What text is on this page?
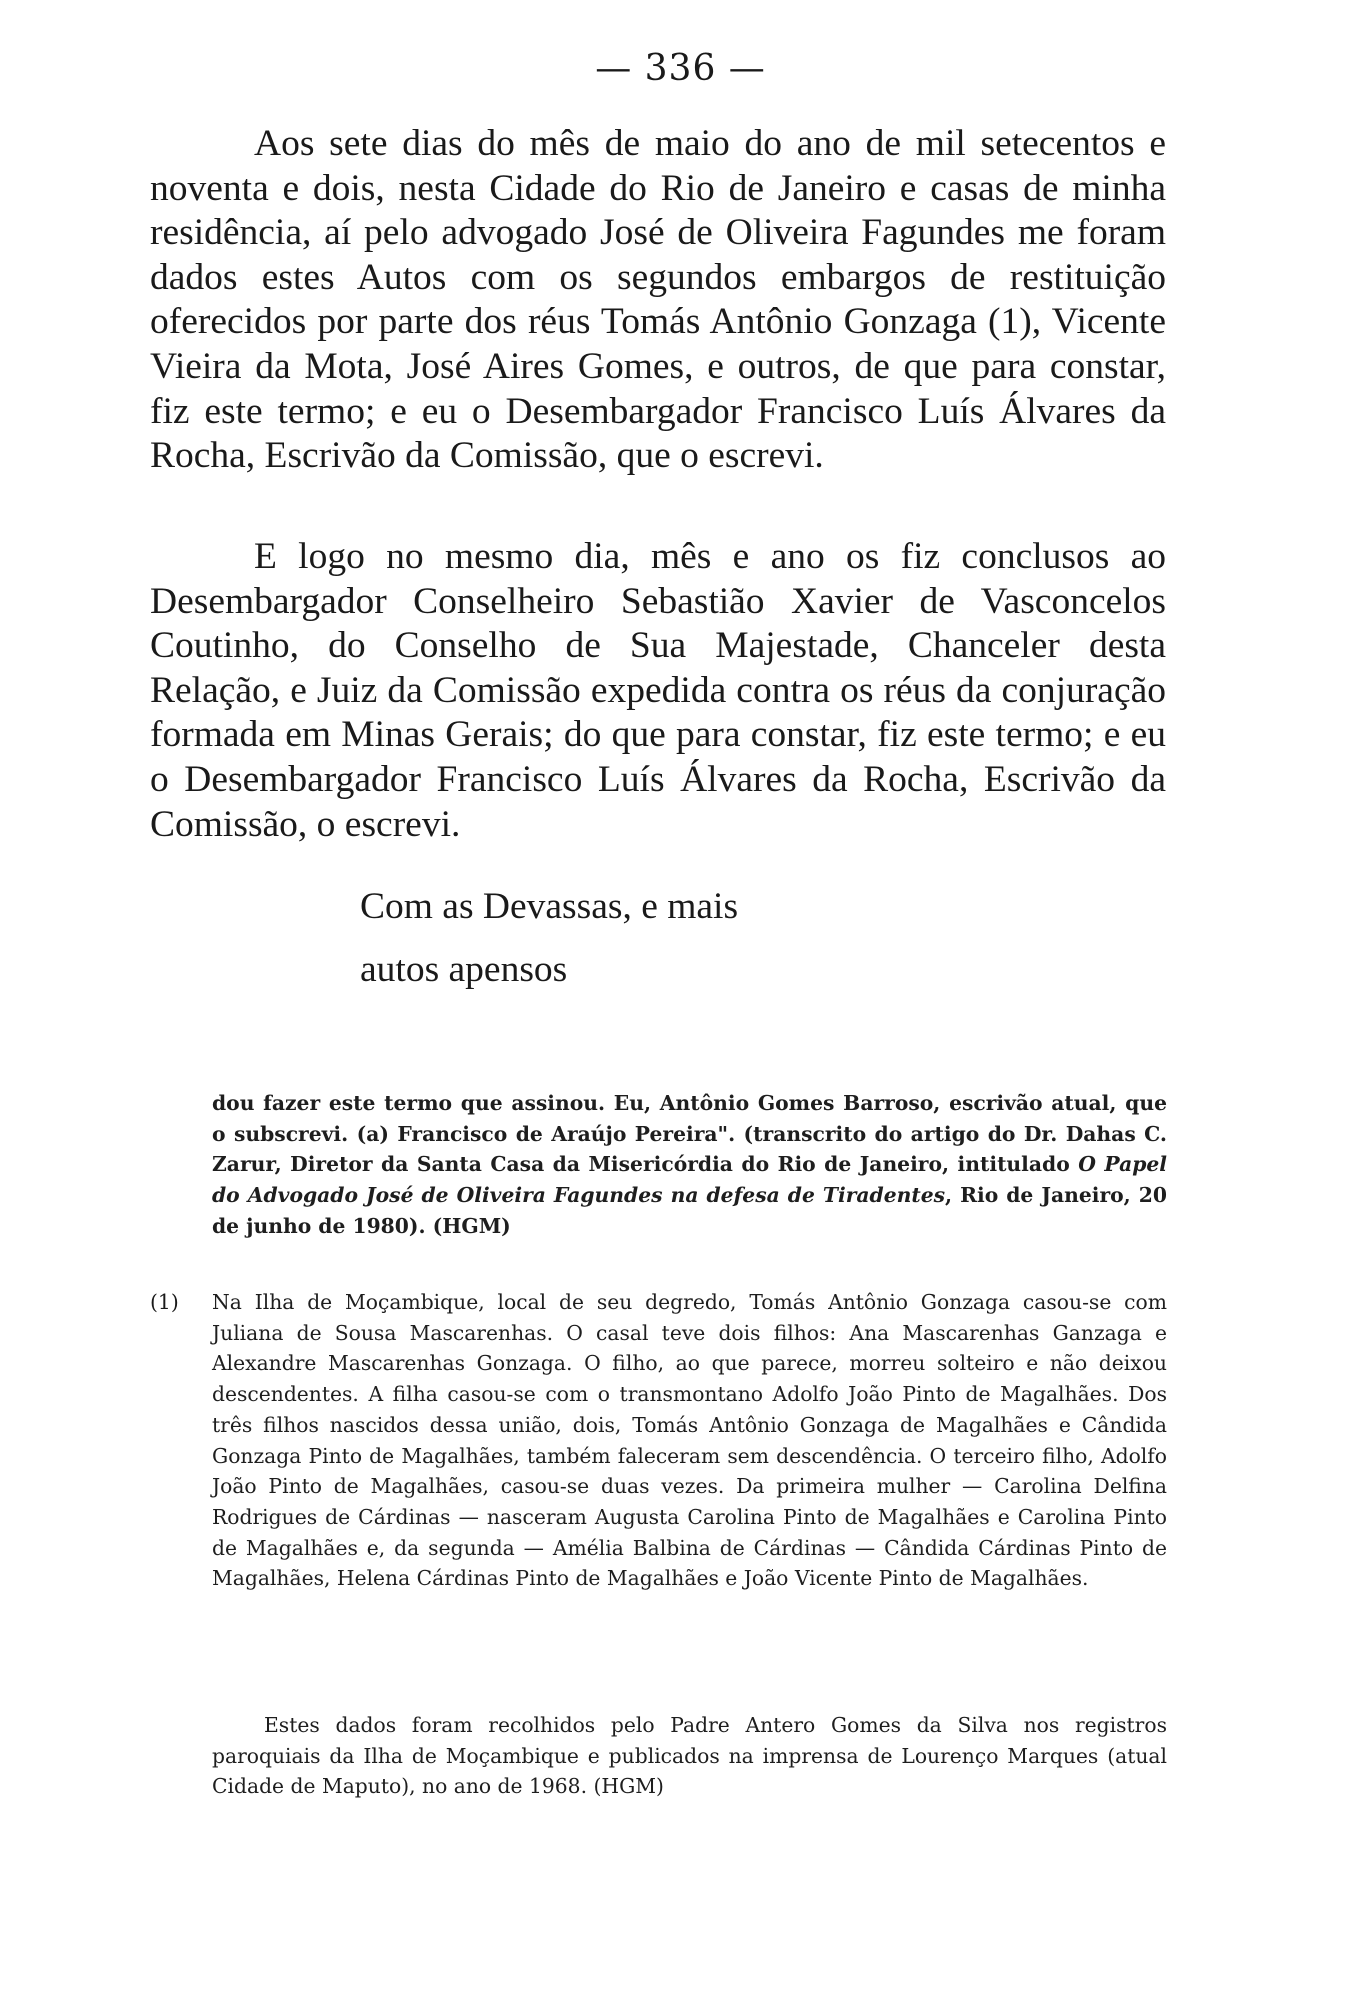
— 336 —

Aos sete dias do mês de maio do ano de mil setecentos e noventa e dois, nesta Cidade do Rio de Janeiro e casas de minha residência, aí pelo advogado José de Oliveira Fagundes me foram dados estes Autos com os segundos embargos de restituição oferecidos por parte dos réus Tomás Antônio Gonzaga (1), Vicente Vieira da Mota, José Aires Gomes, e outros, de que para constar, fiz este termo; e eu o Desembargador Francisco Luís Álvares da Rocha, Escrivão da Comissão, que o escrevi.

E logo no mesmo dia, mês e ano os fiz conclusos ao Desembargador Conselheiro Sebastião Xavier de Vasconcelos Coutinho, do Conselho de Sua Majestade, Chanceler desta Relação, e Juiz da Comissão expedida contra os réus da conjuração formada em Minas Gerais; do que para constar, fiz este termo; e eu o Desembargador Francisco Luís Álvares da Rocha, Escrivão da Comissão, o escrevi.

Com as Devassas, e mais
autos apensos
dou fazer este termo que assinou. Eu, Antônio Gomes Barroso, escrivão atual, que o subscrevi. (a) Francisco de Araújo Pereira". (transcrito do artigo do Dr. Dahas C. Zarur, Diretor da Santa Casa da Misericórdia do Rio de Janeiro, intitulado O Papel do Advogado José de Oliveira Fagundes na defesa de Tiradentes, Rio de Janeiro, 20 de junho de 1980). (HGM)
(1) Na Ilha de Moçambique, local de seu degredo, Tomás Antônio Gonzaga casou-se com Juliana de Sousa Mascarenhas. O casal teve dois filhos: Ana Mascarenhas Ganzaga e Alexandre Mascarenhas Gonzaga. O filho, ao que parece, morreu solteiro e não deixou descendentes. A filha casou-se com o transmontano Adolfo João Pinto de Magalhães. Dos três filhos nascidos dessa união, dois, Tomás Antônio Gonzaga de Magalhães e Cândida Gonzaga Pinto de Magalhães, também faleceram sem descendência. O terceiro filho, Adolfo João Pinto de Magalhães, casou-se duas vezes. Da primeira mulher — Carolina Delfina Rodrigues de Cárdinas — nasceram Augusta Carolina Pinto de Magalhães e Carolina Pinto de Magalhães e, da segunda — Amélia Balbina de Cárdinas — Cândida Cárdinas Pinto de Magalhães, Helena Cárdinas Pinto de Magalhães e João Vicente Pinto de Magalhães.
Estes dados foram recolhidos pelo Padre Antero Gomes da Silva nos registros paroquiais da Ilha de Moçambique e publicados na imprensa de Lourenço Marques (atual Cidade de Maputo), no ano de 1968. (HGM)
